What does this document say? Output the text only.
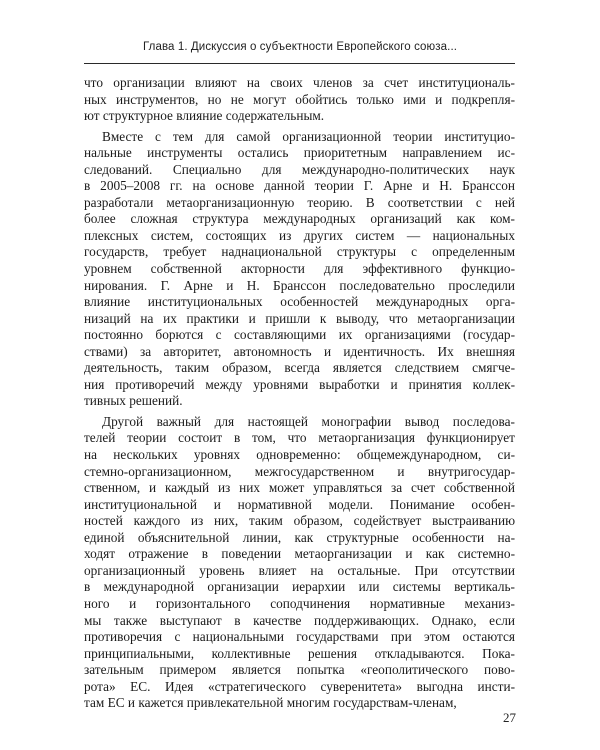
Глава 1. Дискуссия о субъектности Европейского союза...
что организации влияют на своих членов за счет институциональ-
ных инструментов, но не могут обойтись только ими и подкрепля-
ют структурное влияние содержательным.
Вместе с тем для самой организационной теории институцио-
нальные инструменты остались приоритетным направлением ис-
следований. Специально для международно-политических наук
в 2005–2008 гг. на основе данной теории Г. Арне и Н. Бранссон
разработали метаорганизационную теорию. В соответствии с ней
более сложная структура международных организаций как ком-
плексных систем, состоящих из других систем — национальных
государств, требует наднациональной структуры с определенным
уровнем собственной акторности для эффективного функцио-
нирования. Г. Арне и Н. Бранссон последовательно проследили
влияние институциональных особенностей международных орга-
низаций на их практики и пришли к выводу, что метаорганизации
постоянно борются с составляющими их организациями (государ-
ствами) за авторитет, автономность и идентичность. Их внешняя
деятельность, таким образом, всегда является следствием смягче-
ния противоречий между уровнями выработки и принятия коллек-
тивных решений.
Другой важный для настоящей монографии вывод последова-
телей теории состоит в том, что метаорганизация функционирует
на нескольких уровнях одновременно: общемеждународном, си-
стемно-организационном, межгосударственном и внутригосудар-
ственном, и каждый из них может управляться за счет собственной
институциональной и нормативной модели. Понимание особен-
ностей каждого из них, таким образом, содействует выстраиванию
единой объяснительной линии, как структурные особенности на-
ходят отражение в поведении метаорганизации и как системно-
организационный уровень влияет на остальные. При отсутствии
в международной организации иерархии или системы вертикаль-
ного и горизонтального соподчинения нормативные механиз-
мы также выступают в качестве поддерживающих. Однако, если
противоречия с национальными государствами при этом остаются
принципиальными, коллективные решения откладываются. Пока-
зательным примером является попытка «геополитического пово-
рота» ЕС. Идея «стратегического суверенитета» выгодна инсти-
там ЕС и кажется привлекательной многим государствам-членам,
27
